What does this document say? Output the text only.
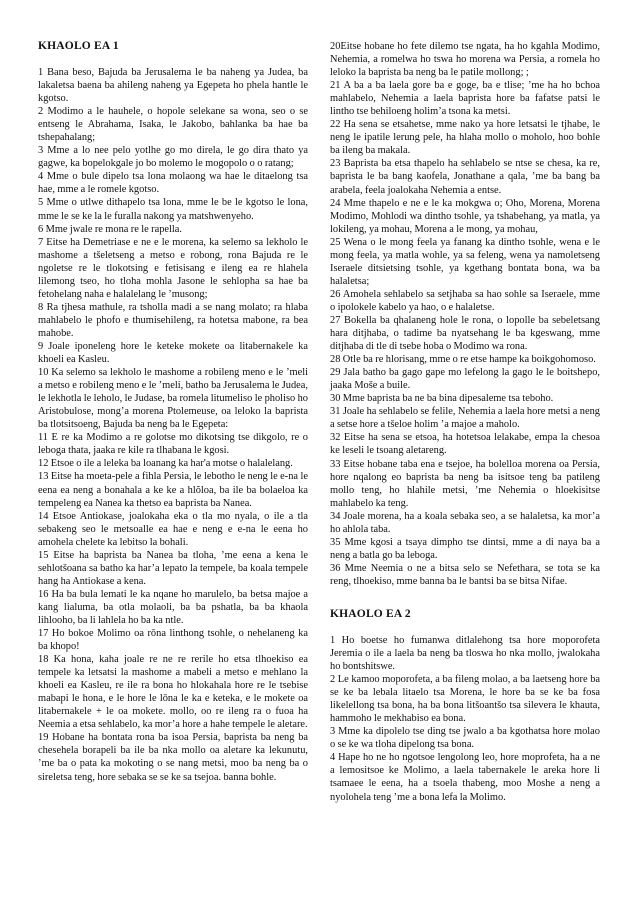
KHAOLO EA 1

1 Bana beso, Bajuda ba Jerusalema le ba naheng ya Judea, ba lakaletsa baena ba ahileng naheng ya Egepeta ho phela hantle le kgotso.

2 Modimo a le hauhele, o hopole selekane sa wona, seo o se entseng le Abrahama, Isaka, le Jakobo, bahlanka ba hae ba tshepahalang;

3 Mme a lo nee pelo yotlhe go mo direla, le go dira thato ya gagwe, ka bopelokgale jo bo molemo le mogopolo o o ratang;

4 Mme o bule dipelo tsa lona molaong wa hae le ditaelong tsa hae, mme a le romele kgotso.

5 Mme o utlwe dithapelo tsa lona, mme le be le kgotso le lona, mme le se ke la le furalla nakong ya matshwenyeho.

6 Mme jwale re mona re le rapella.

7 Eitse ha Demetriase e ne e le morena, ka selemo sa lekholo le mashome a tšeletseng a metso e robong, rona Bajuda re le ngoletse re le tlokotsing e fetisisang e ileng ea re hlahela lilemong tseo, ho tloha mohla Jasone le sehlopha sa hae ba fetohelang naha e halalelang le ’musong;

8 Ra tjhesa mathule, ra tshollа madi a se nang molato; ra hlaba mahlabelo le phofo e thumisehileng, ra hotetsa mabone, ra bea mahobe.

9 Joale iponeleng hore le keteke mokete oa litabernakele ka khoeli ea Kasleu.

10 Ka selemo sa lekholo le mashome a robileng meno e le ’meli a metso e robileng meno e le ’meli, batho ba Jerusalema le Judea, le lekhotla le leholo, le Judase, ba romela litumeliso le pholiso ho Aristobulose, mong’a morena Ptolemeuse, oa leloko la baprista ba tlotsitsoeng, Bajuda ba neng ba le Egepeta:

11 E re ka Modimo a re golotse mo dikotsing tse dikgolo, re o leboga thata, jaaka re kile ra tlhabana le kgosi.

12 Etsoe o ile a leleka ba loanang ka har'a motse o halalelang.

13 Eitse ha moeta-pele a fihla Persia, le lebotho le neng le e-na le eena ea neng a bonahala a ke ke a hlŏloa, ba ile ba bolaeloa ka tempeleng ea Nanea ka thetso ea baprista ba Nanea.

14 Etsoe Antiokase, joalokaha eka o tla mo nyala, o ile a tla sebakeng seo le metsoalle ea hae e neng e e-na le eena ho amohela chelete ka lebitso la bohali.

15 Eitse ha baprista ba Nanea ba tloha, ’me eena a kena le sehlotšoana sa batho ka har’a lepato la tempele, ba koala tempele hang ha Antiokase a kena.

16 Ha ba bula lemati le ka nqane ho marulelo, ba betsa majoe a kang lialuma, ba otla molaoli, ba ba pshatla, ba ba khaola lihlooho, ba li lahlela ho ba ka ntle.

17 Ho bokoe Molimo oa rōna linthong tsohle, o nehelaneng ka ba khopo!

18 Ka hona, kaha joale re ne re rerile ho etsa tlhoekiso ea tempele ka letsatsi la mashome a mabeli a metso e mehlano la khoeli ea Kasleu, re ile ra bona ho hlokahala hore re le tsebise mabapi le hona, e le hore le lōna le ka e keteka, e le mokete oa litabernakele + le oa mokete. mollo, oo re ileng ra o fuoa ha Neemia a etsa sehlabelo, ka mor’a hore a hahe tempele le aletare.

19 Hobane ha bontata rona ba isoa Persia, baprista ba neng ba chesehela borapeli ba ile ba nka mollo oa aletare ka lekunutu, ’me ba o pata ka mokoting o se nang metsi, moo ba neng ba o sireletsa teng, hore sebaka se se ke sa tsejoa. banna bohle.

20Eitse hobane ho fete dilemo tse ngata, ha ho kgahla Modimo, Nehemia, a romelwa ho tswa ho morena wa Persia, a romela ho leloko la baprista ba neng ba le patile mollong; ;

21 A ba a ba laela gore ba e goge, ba e tlise; ’me ha ho bchoa mahlabelo, Nehemia a laela baprista hore ba fafatse patsi le lintho tse behiloeng holim’a tsona ka metsi.

22 Ha sena se etsahetse, mme nako ya hore letsatsi le tjhabe, le neng le ipatile lerung pele, ha hlaha mollo o moholo, hoo bohle ba ileng ba makala.

23 Baprista ba etsa thapelo ha sehlabelo se ntse se chesa, ka re, baprista le ba bang kaofela, Jonathane a qala, ’me ba bang ba arabela, feela joalokaha Nehemia a entse.

24 Mme thapelo e ne e le ka mokgwa o; Oho, Morena, Morena Modimo, Mohlodi wa dintho tsohle, ya tshabehang, ya matla, ya lokileng, ya mohau, Morena a le mong, ya mohau,

25 Wena o le mong feela ya fanang ka dintho tsohle, wena e le mong feela, ya matla wohle, ya sa feleng, wena ya namoletseng Iseraele ditsietsing tsohle, ya kgethang bontata bona, wa ba halaletsa;

26 Amohela sehlabelo sa setjhaba sa hao sohle sa Iseraele, mme o ipolokele kabelo ya hao, o e halaletse.

27 Bokella ba qhalaneng hole le rona, o lopolle ba sebeletsang hara ditjhaba, o tadime ba nyatsehang le ba kgeswang, mme ditjhaba di tle di tsebe hoba o Modimo wa rona.

28 Otle ba re hlorisang, mme o re etse hampe ka boikgohomoso.

29 Jala batho ba gago gape mo lefelong la gago le le boitshepo, jaaka Moše a buile.

30 Mme baprista ba ne ba bina dipesaleme tsa teboho.

31 Joale ha sehlabelo se felile, Nehemia a laela hore metsi a neng a setse hore a tšeloe holim ’a majoe a maholo.

32 Eitse ha sena se etsoa, ha hotetsoa lelakabe, empa la chesoa ke leseli le tsoang aletareng.

33 Eitse hobane taba ena e tsejoe, ha bolelloa morena oa Persia, hore nqalong eo baprista ba neng ba isitsoe teng ba patileng mollo teng, ho hlahile metsi, ’me Nehemia o hloekisitse mahlabelo ka teng.

34 Joale morena, ha a koala sebaka seo, a se halaletsa, ka mor’a ho ahlola taba.

35 Mme kgosi a tsaya dimpho tse dintsi, mme a di naya ba a neng a batla go ba leboga.

36 Mme Neemia o ne a bitsa selo se Nefethara, se tota se ka reng, tlhoekiso, mme banna ba le bantsi ba se bitsa Nifae.

KHAOLO EA 2

1 Ho boetse ho fumanwa ditlalehong tsa hore moporofeta Jeremia o ile a laela ba neng ba tloswa ho nka mollo, jwalokaha ho bontshitswe.

2 Le kamoo moporofeta, a ba fileng molao, a ba laetseng hore ba se ke ba lebala litaelo tsa Morena, le hore ba se ke ba fosa likelellong tsa bona, ha ba bona litšoantšo tsa silevera le khauta, hammoho le mekhabiso ea bona.

3 Mme ka dipolelo tse ding tse jwalo a ba kgothatsa hore molao o se ke wa tloha dipelong tsa bona.

4 Hape ho ne ho ngotsoe lengolong leo, hore moprofeta, ha a ne a lemositsoe ke Molimo, a laela tabernakele le areka hore li tsamaee le eena, ha a tsoela thabeng, moo Moshe a neng a nyolohela teng ’me a bona lefa la Molimo.
